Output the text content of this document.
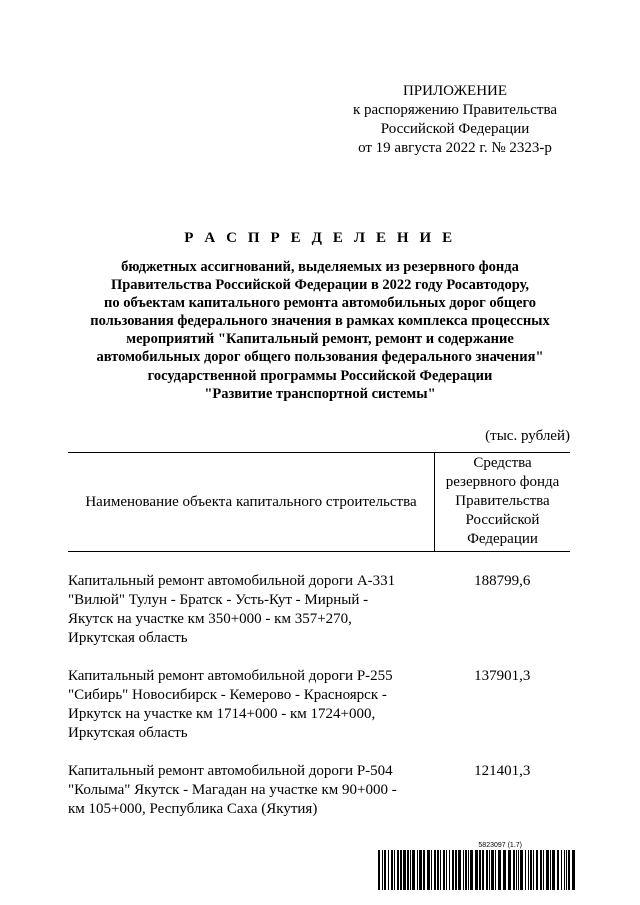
ПРИЛОЖЕНИЕ
к распоряжению Правительства
Российской Федерации
от 19 августа 2022 г. № 2323-р
Р А С П Р Е Д Е Л Е Н И Е
бюджетных ассигнований, выделяемых из резервного фонда
Правительства Российской Федерации в 2022 году Росавтодору,
по объектам капитального ремонта автомобильных дорог общего
пользования федерального значения в рамках комплекса процессных
мероприятий "Капитальный ремонт, ремонт и содержание
автомобильных дорог общего пользования федерального значения"
государственной программы Российской Федерации
"Развитие транспортной системы"
(тыс. рублей)
Наименование объекта капитального строительства	Средства
резервного фонда
Правительства
Российской
Федерации

Капитальный ремонт автомобильной дороги А-331
"Вилюй" Тулун - Братск - Усть-Кут - Мирный -
Якутск на участке км 350+000 - км 357+270,
Иркутская область	188799,6

Капитальный ремонт автомобильной дороги Р-255
"Сибирь" Новосибирск - Кемерово - Красноярск -
Иркутск на участке км 1714+000 - км 1724+000,
Иркутская область	137901,3

Капитальный ремонт автомобильной дороги Р-504
"Колыма" Якутск - Магадан на участке км 90+000 -
км 105+000, Республика Саха (Якутия)	121401,3
5823097 (1.7)
